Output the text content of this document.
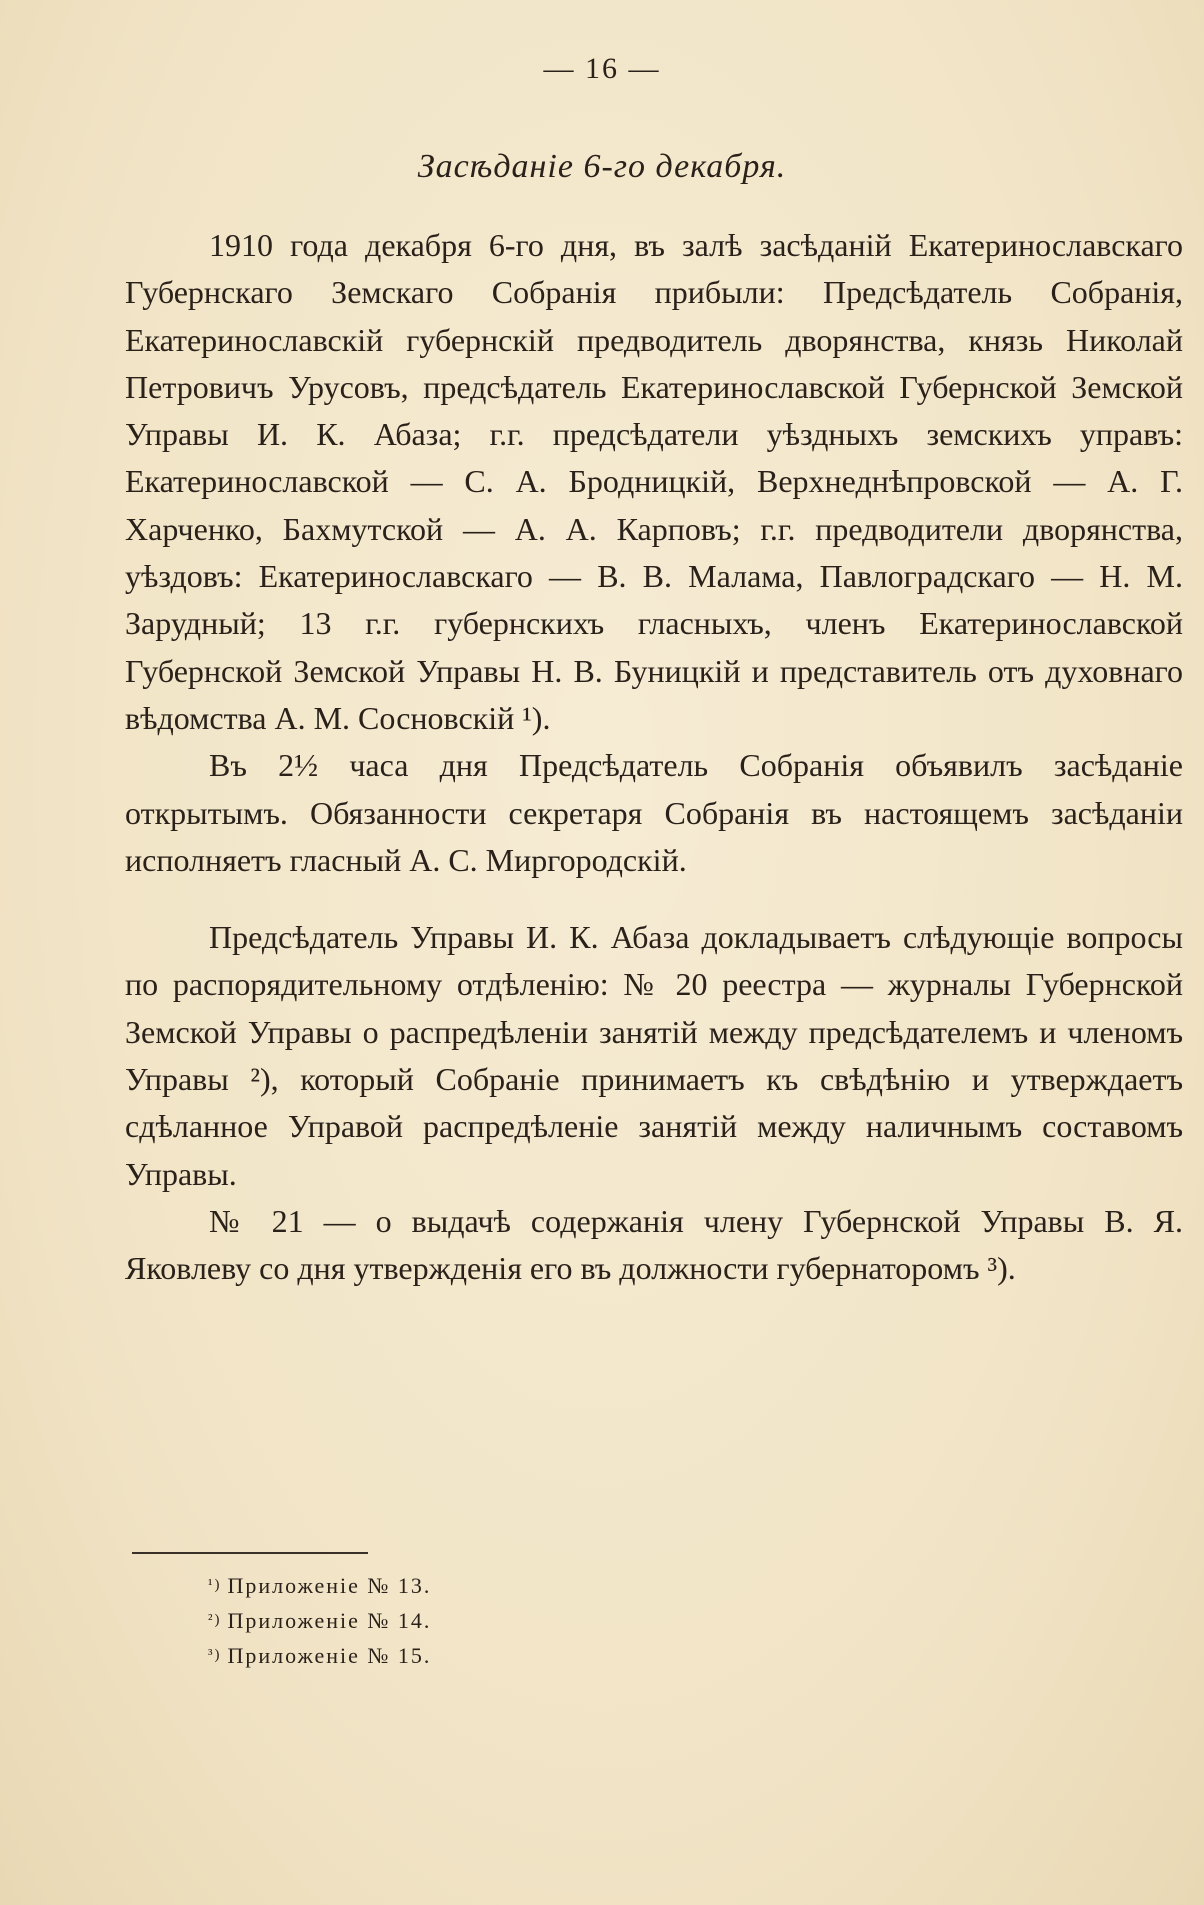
— 16 —
Засѣданіе 6-го декабря.

1910 года декабря 6-го дня, въ залѣ засѣданій Екатеринославскаго Губернскаго Земскаго Собранія прибыли: Предсѣдатель Собранія, Екатеринославскій губернскій предводитель дворянства, князь Николай Петровичъ Урусовъ, предсѣдатель Екатеринославской Губернской Земской Управы И. К. Абаза; г.г. предсѣдатели уѣздныхъ земскихъ управъ: Екатеринославской — С. А. Бродницкій, Верхнеднѣпровской — А. Г. Харченко, Бахмутской — А. А. Карповъ; г.г. предводители дворянства, уѣздовъ: Екатеринославскаго — В. В. Малама, Павлоградскаго — Н. М. Зарудный; 13 г.г. губернскихъ гласныхъ, членъ Екатеринославской Губернской Земской Управы Н. В. Буницкій и представитель отъ духовнаго вѣдомства А. М. Сосновскій ¹).

Въ 2½ часа дня Предсѣдатель Собранія объявилъ засѣданіе открытымъ. Обязанности секретаря Собранія въ настоящемъ засѣданіи исполняетъ гласный А. С. Миргородскій.

Предсѣдатель Управы И. К. Абаза докладываетъ слѣдующіе вопросы по распорядительному отдѣленію: № 20 реестра — журналы Губернской Земской Управы о распредѣленіи занятій между предсѣдателемъ и членомъ Управы ²), который Собраніе принимаетъ къ свѣдѣнію и утверждаетъ сдѣланное Управой распредѣленіе занятій между наличнымъ составомъ Управы.

№ 21 — о выдачѣ содержанія члену Губернской Управы В. Я. Яковлеву со дня утвержденія его въ должности губернаторомъ ³).

$^{^1)}$ Приложеніе № 13.
$^{^2)}$ Приложеніе № 14.
$^{^3)}$ Приложеніе № 15.
